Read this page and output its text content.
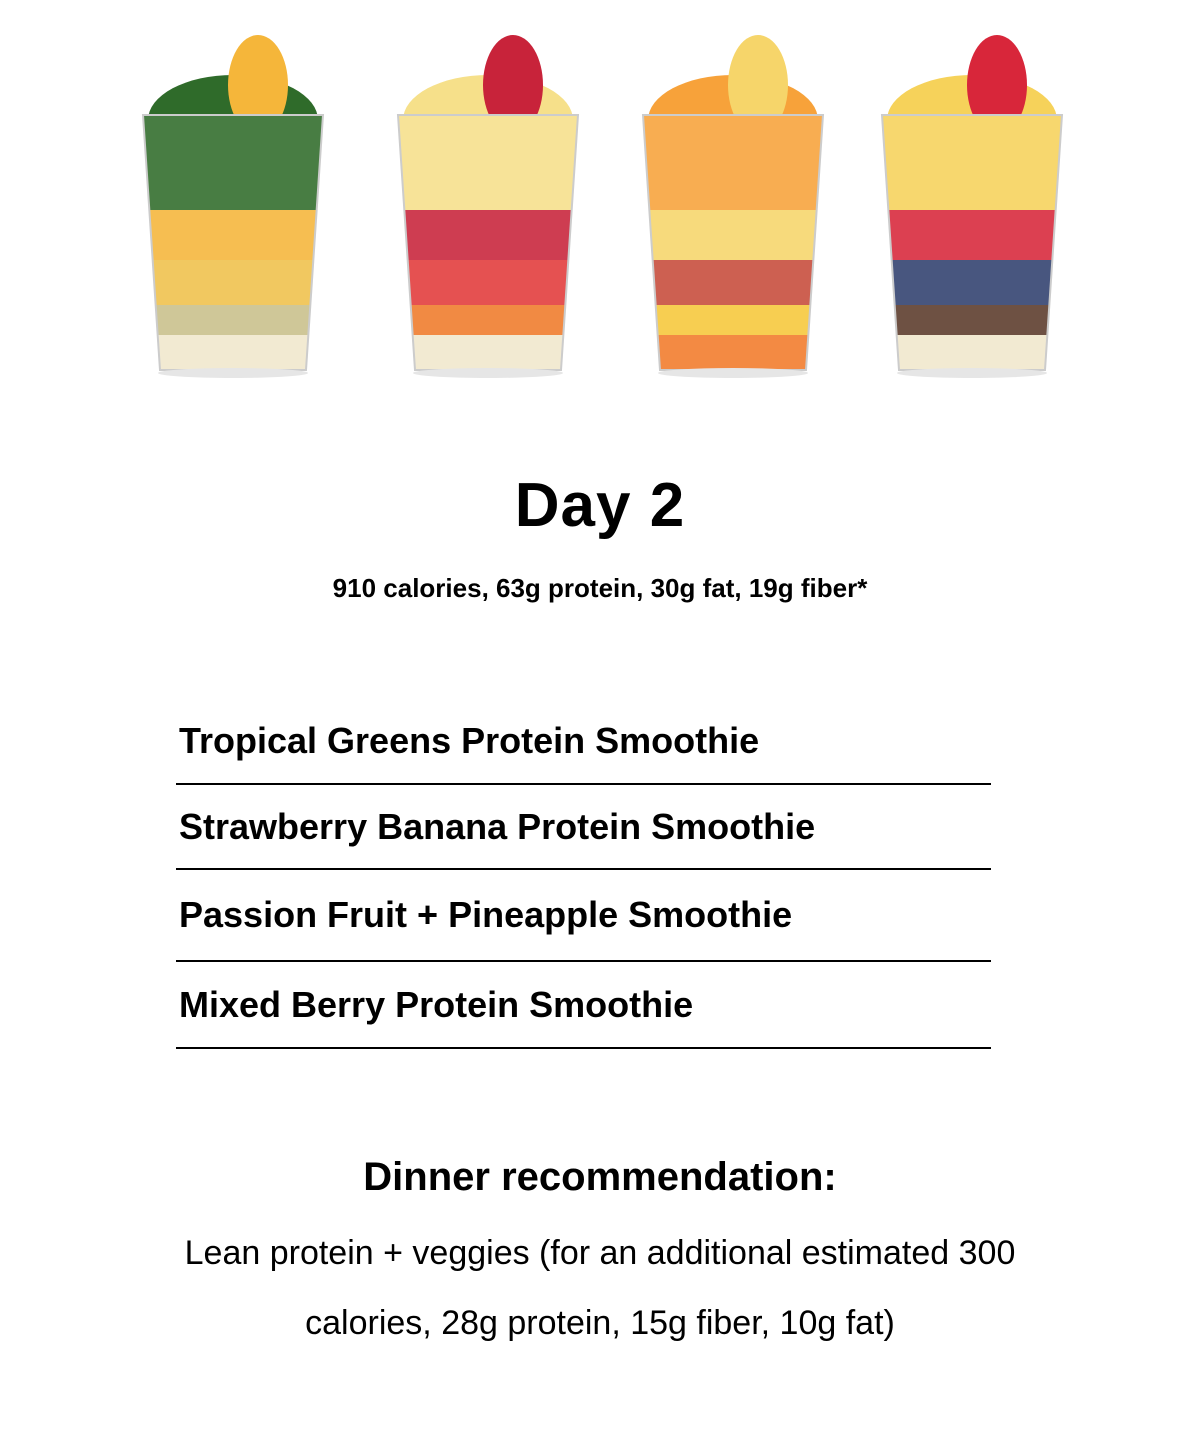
Day 2
910 calories, 63g protein, 30g fat, 19g fiber*
Tropical Greens Protein Smoothie
Strawberry Banana Protein Smoothie
Passion Fruit + Pineapple Smoothie
Mixed Berry Protein Smoothie
Dinner recommendation:
Lean protein + veggies (for an additional estimated 300 calories, 28g protein, 15g fiber, 10g fat)
